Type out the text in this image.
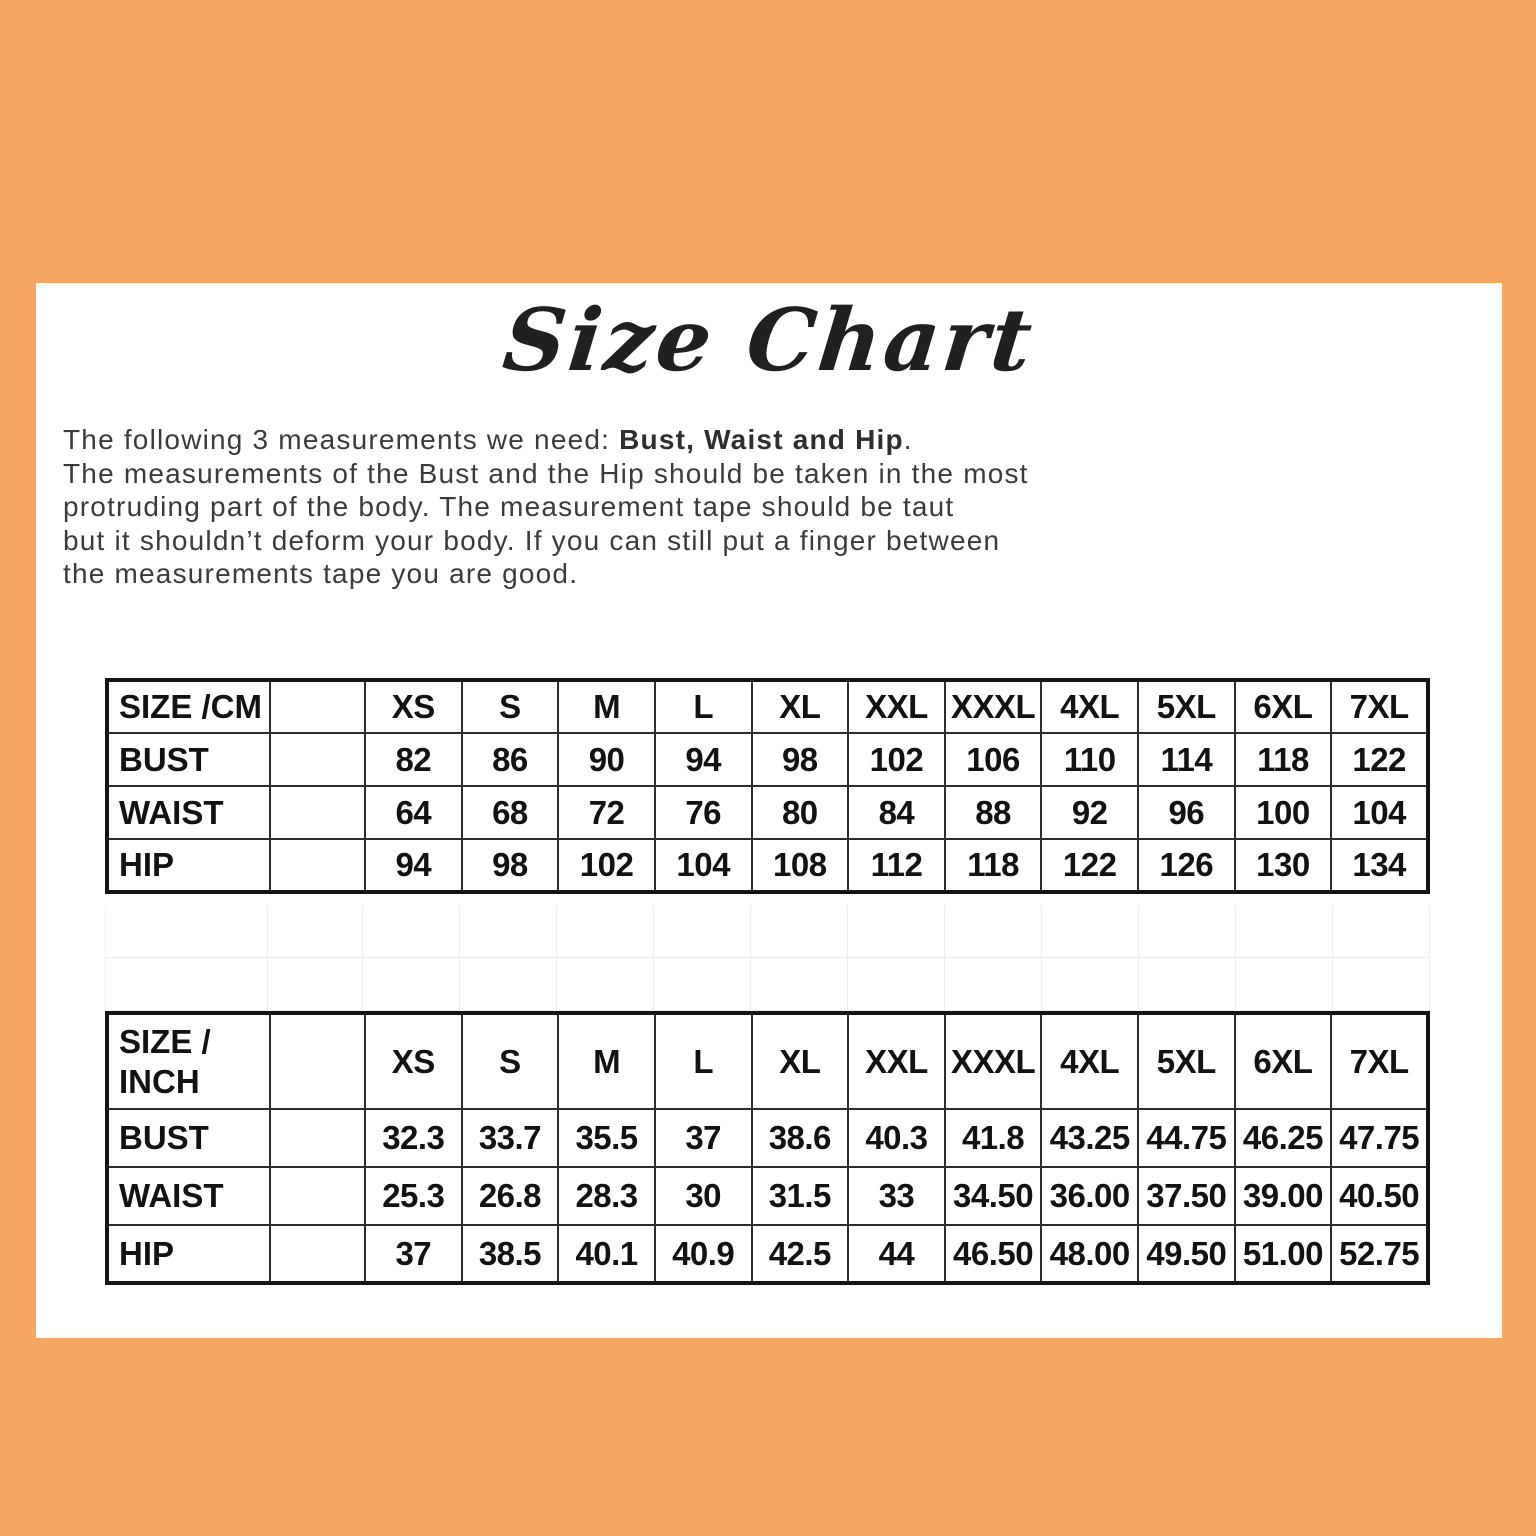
Size Chart
The following 3 measurements we need: Bust, Waist and Hip.
The measurements of the Bust and the Hip should be taken in the most
protruding part of the body. The measurement tape should be taut
but it shouldn’t deform your body. If you can still put a finger between
the measurements tape you are good.
SIZE /CM		XS	S	M	L	XL	XXL	XXXL	4XL	5XL	6XL	7XL
BUST		82	86	90	94	98	102	106	110	114	118	122
WAIST		64	68	72	76	80	84	88	92	96	100	104
HIP		94	98	102	104	108	112	118	122	126	130	134
SIZE /
INCH		XS	S	M	L	XL	XXL	XXXL	4XL	5XL	6XL	7XL
BUST		32.3	33.7	35.5	37	38.6	40.3	41.8	43.25	44.75	46.25	47.75
WAIST		25.3	26.8	28.3	30	31.5	33	34.50	36.00	37.50	39.00	40.50
HIP		37	38.5	40.1	40.9	42.5	44	46.50	48.00	49.50	51.00	52.75
